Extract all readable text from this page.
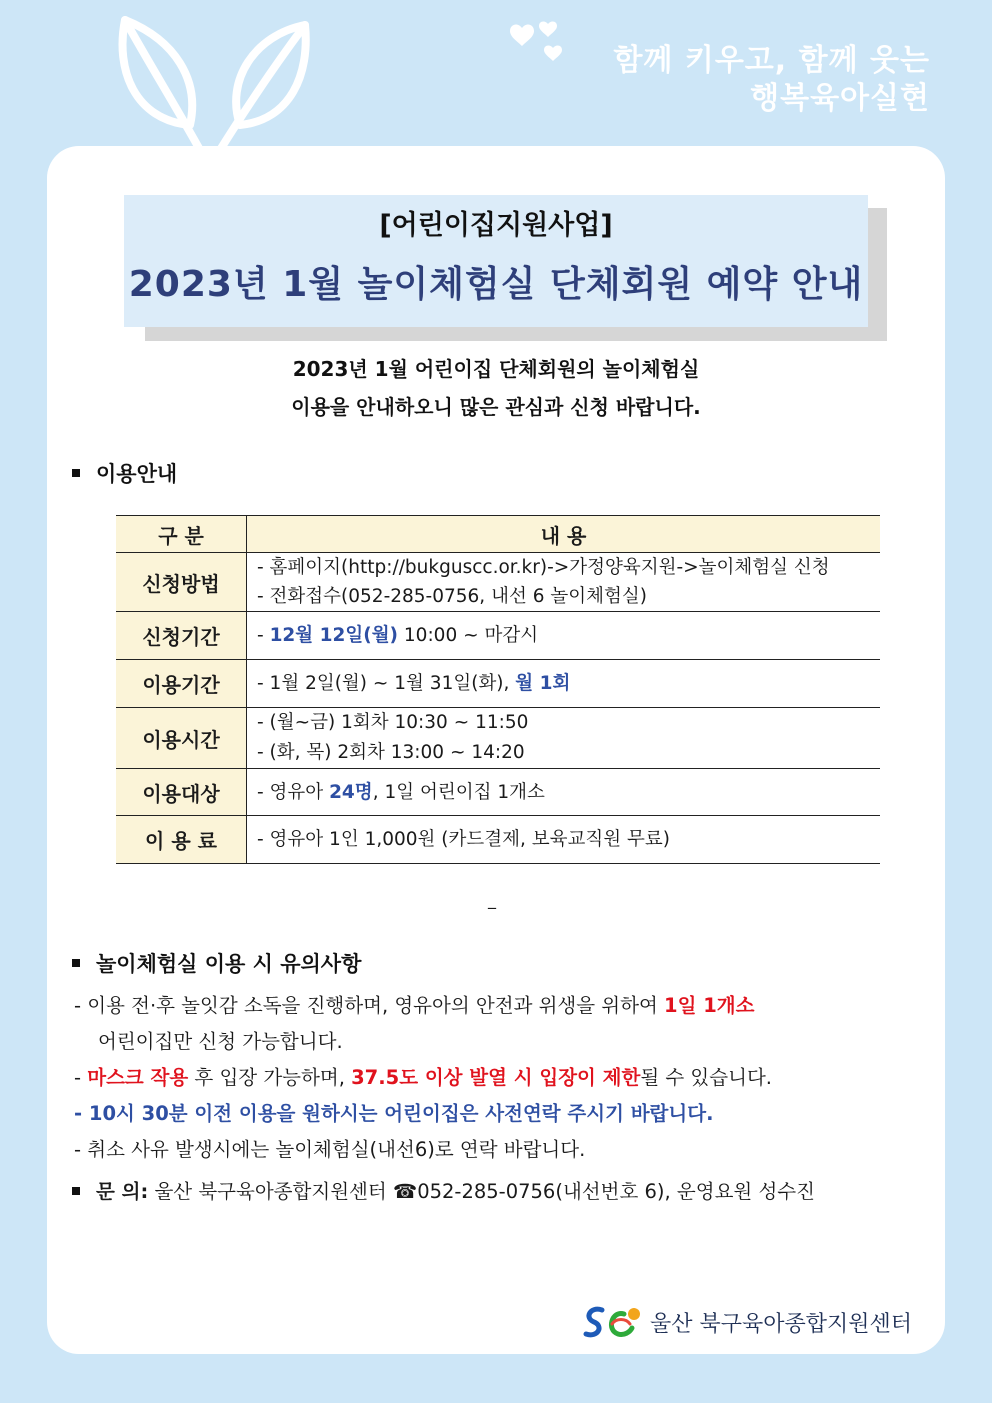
함께 키우고, 함께 웃는
행복육아실현
[어린이집지원사업]
2023년 1월 놀이체험실 단체회원 예약 안내
2023년 1월 어린이집 단체회원의 놀이체험실
이용을 안내하오니 많은 관심과 신청 바랍니다.
이용안내
구 분	내 용
신청방법	- 홈페이지(http://bukguscc.or.kr)->가정양육지원->놀이체험실 신청
- 전화접수(052-285-0756, 내선 6 놀이체험실)

신청기간	- 12월 12일(월) 10:00 ~ 마감시
이용기간	- 1월 2일(월) ~ 1월 31일(화), 월 1회
이용시간	- (월~금) 1회차 10:30 ~ 11:50
- (화, 목) 2회차 13:00 ~ 14:20

이용대상	- 영유아 24명, 1일 어린이집 1개소
이 용 료	- 영유아 1인 1,000원 (카드결제, 보육교직원 무료)
_
놀이체험실 이용 시 유의사항
- 이용 전·후 놀잇감 소독을 진행하며, 영유아의 안전과 위생을 위하여 1일 1개소
어린이집만 신청 가능합니다.
- 마스크 작용 후 입장 가능하며, 37.5도 이상 발열 시 입장이 제한될 수 있습니다.
- 10시 30분 이전 이용을 원하시는 어린이집은 사전연락 주시기 바랍니다.
- 취소 사유 발생시에는 놀이체험실(내선6)로 연락 바랍니다.
문 의: 울산 북구육아종합지원센터 ☎052-285-0756(내선번호 6), 운영요원 성수진
울산 북구육아종합지원센터
